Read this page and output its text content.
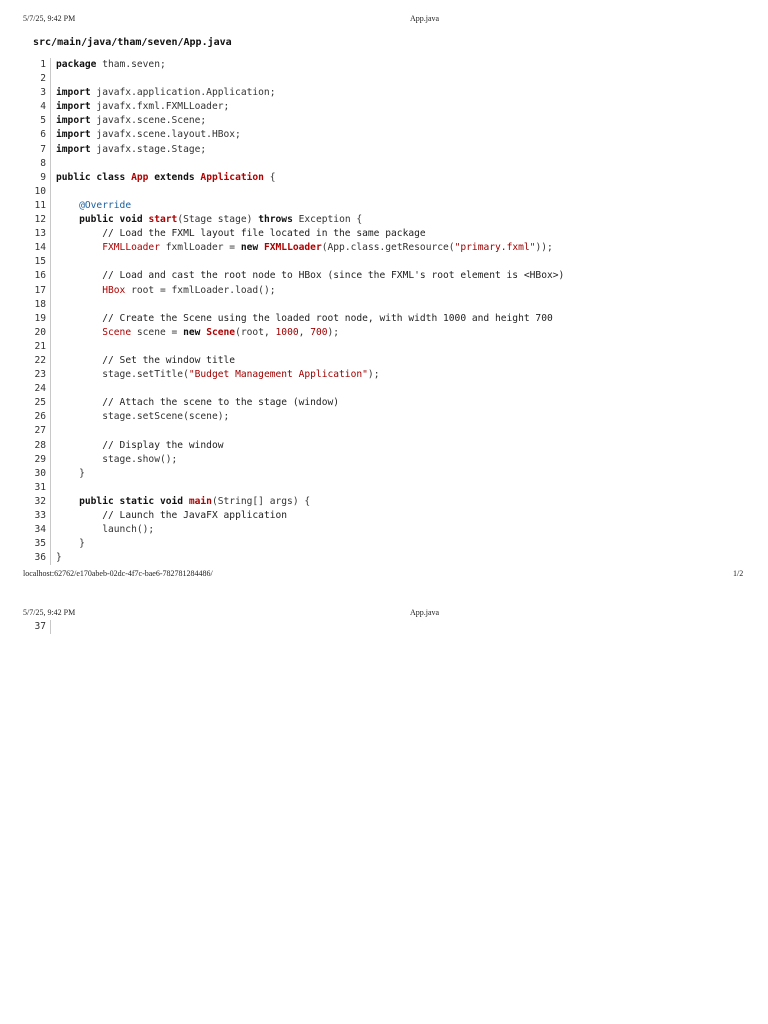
5/7/25, 9:42 PM	App.java
src/main/java/tham/seven/App.java
1	package tham.seven;
2
3	import javafx.application.Application;
4	import javafx.fxml.FXMLLoader;
5	import javafx.scene.Scene;
6	import javafx.scene.layout.HBox;
7	import javafx.stage.Stage;
8
9	public class App extends Application {
10
11	@Override
12	public void start(Stage stage) throws Exception {
13	// Load the FXML layout file located in the same package
14	FXMLLoader fxmlLoader = new FXMLLoader(App.class.getResource("primary.fxml"));
15
16	// Load and cast the root node to HBox (since the FXML's root element is <HBox>)
17	HBox root = fxmlLoader.load();
18
19	// Create the Scene using the loaded root node, with width 1000 and height 700
20	Scene scene = new Scene(root, 1000, 700);
21
22	// Set the window title
23	stage.setTitle("Budget Management Application");
24
25	// Attach the scene to the stage (window)
26	stage.setScene(scene);
27
28	// Display the window
29	stage.show();
30	}
31
32	public static void main(String[] args) {
33	// Launch the JavaFX application
34	launch();
35	}
36	}
localhost:62762/e170abeb-02dc-4f7c-bae6-782781284486/	1/2
5/7/25, 9:42 PM	App.java
37
